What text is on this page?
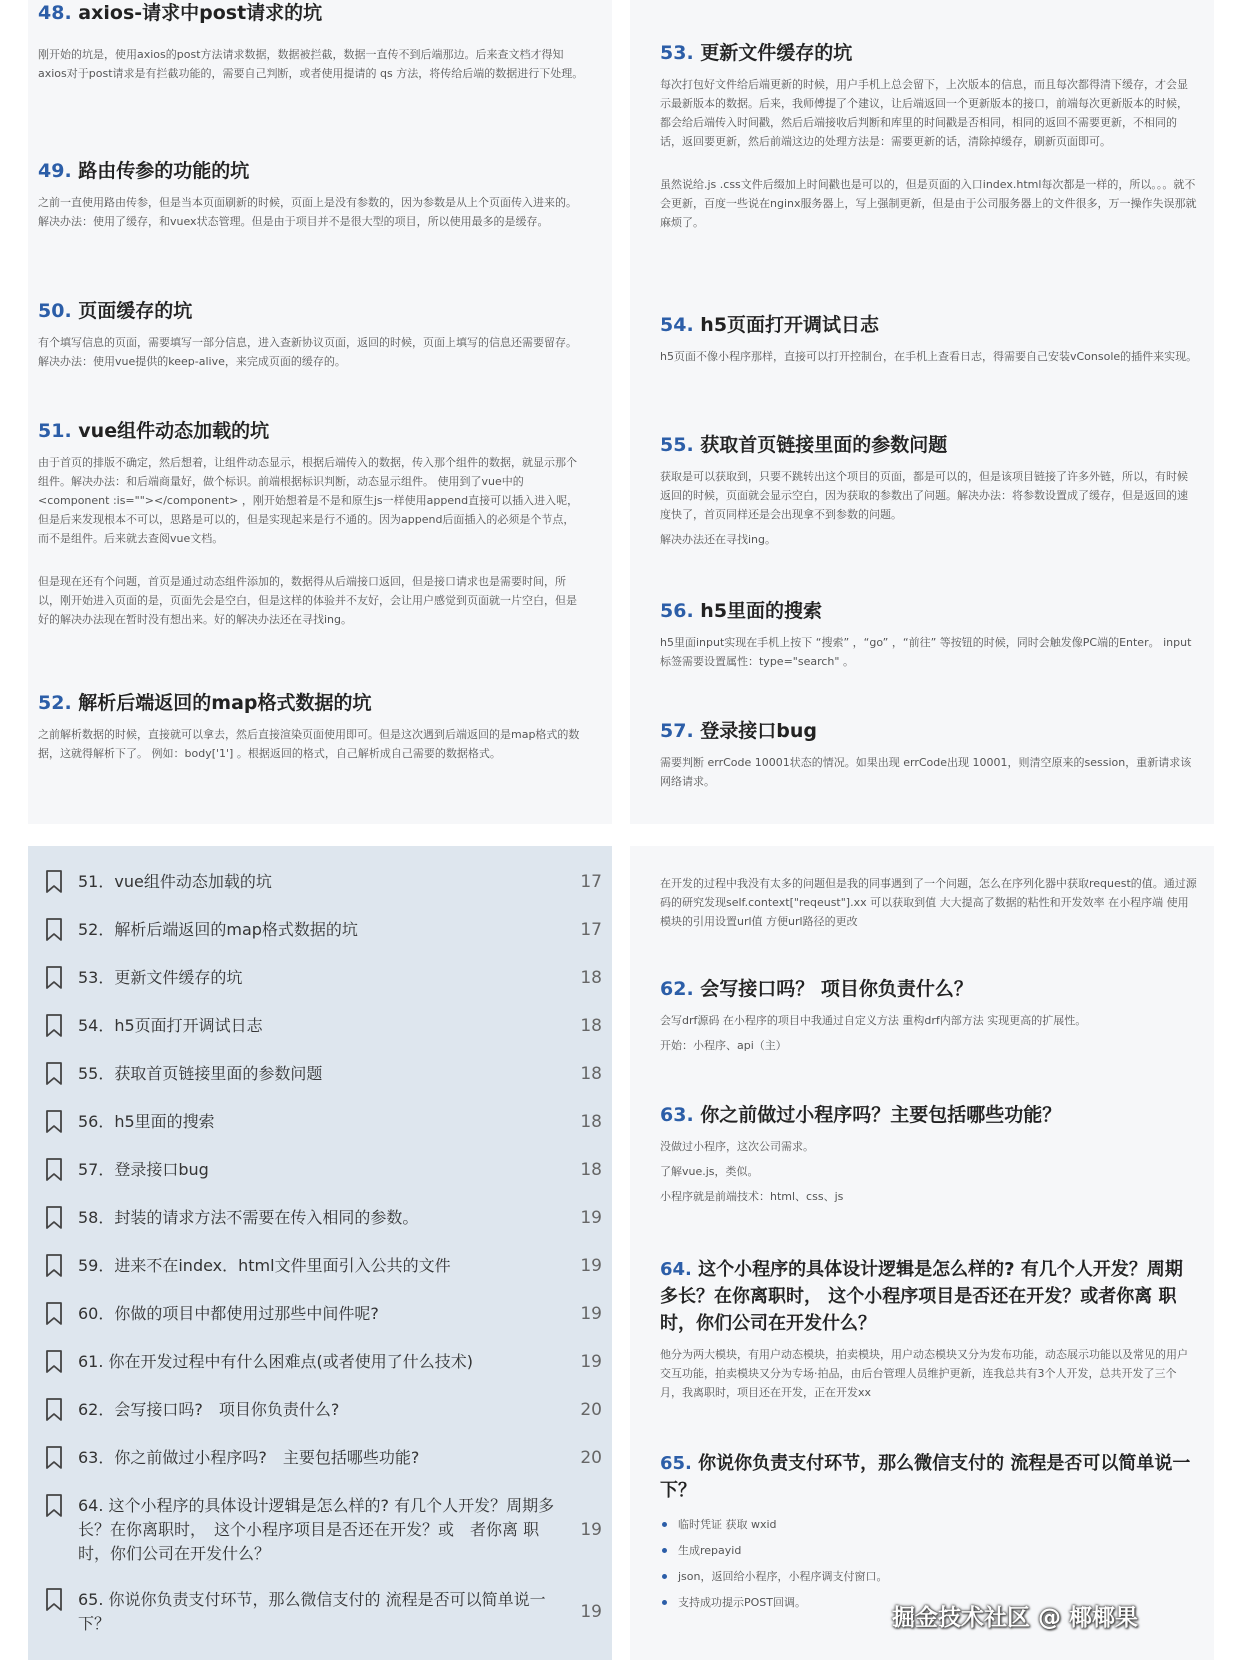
48. axios-请求中post请求的坑
刚开始的坑是，使用axios的post方法请求数据，数据被拦截，数据一直传不到后端那边。后来查文档才得知 axios对于post请求是有拦截功能的，需要自己判断，或者使用提请的 qs 方法，将传给后端的数据进行下处理。
49. 路由传参的功能的坑
之前一直使用路由传参，但是当本页面刷新的时候，页面上是没有参数的，因为参数是从上个页面传入进来的。 解决办法：使用了缓存，和vuex状态管理。但是由于项目并不是很大型的项目，所以使用最多的是缓存。
50. 页面缓存的坑
有个填写信息的页面，需要填写一部分信息，进入查新协议页面，返回的时候，页面上填写的信息还需要留存。 解决办法：使用vue提供的keep-alive，来完成页面的缓存的。
51. vue组件动态加载的坑
由于首页的排版不确定，然后想着，让组件动态显示，根据后端传入的数据，传入那个组件的数据，就显示那个组件。解决办法：和后端商量好，做个标识。前端根据标识判断，动态显示组件。 使用到了vue中的<component :is=""></component> ，刚开始想着是不是和原生js一样使用append直接可以插入进入呢，但是后来发现根本不可以，思路是可以的，但是实现起来是行不通的。因为append后面插入的必须是个节点，而不是组件。后来就去查阅vue文档。
但是现在还有个问题，首页是通过动态组件添加的，数据得从后端接口返回，但是接口请求也是需要时间，所以，刚开始进入页面的是，页面先会是空白，但是这样的体验并不友好，会让用户感觉到页面就一片空白，但是好的解决办法现在暂时没有想出来。好的解决办法还在寻找ing。
52. 解析后端返回的map格式数据的坑
之前解析数据的时候，直接就可以拿去，然后直接渲染页面使用即可。但是这次遇到后端返回的是map格式的数据，这就得解析下了。 例如：body['1'] 。根据返回的格式，自己解析成自己需要的数据格式。
53. 更新文件缓存的坑
每次打包好文件给后端更新的时候，用户手机上总会留下，上次版本的信息，而且每次都得清下缓存，才会显示最新版本的数据。后来，我师傅提了个建议，让后端返回一个更新版本的接口，前端每次更新版本的时候，都会给后端传入时间戳，然后后端接收后判断和库里的时间戳是否相同，相同的返回不需要更新，不相同的话，返回要更新，然后前端这边的处理方法是：需要更新的话，清除掉缓存，刷新页面即可。
虽然说给.js .css文件后缀加上时间戳也是可以的，但是页面的入口index.html每次都是一样的，所以。。。就不会更新，百度一些说在nginx服务器上，写上强制更新，但是由于公司服务器上的文件很多，万一操作失误那就麻烦了。
54. h5页面打开调试日志
h5页面不像小程序那样，直接可以打开控制台，在手机上查看日志，得需要自己安装vConsole的插件来实现。
55. 获取首页链接里面的参数问题
获取是可以获取到，只要不跳转出这个项目的页面，都是可以的，但是该项目链接了许多外链，所以，有时候返回的时候，页面就会显示空白，因为获取的参数出了问题。解决办法：将参数设置成了缓存，但是返回的速度快了，首页同样还是会出现拿不到参数的问题。
解决办法还在寻找ing。
56. h5里面的搜索
h5里面input实现在手机上按下 “搜索” ，“go” ，“前往” 等按钮的时候，同时会触发像PC端的Enter。 input标签需要设置属性：type="search" 。
57. 登录接口bug
需要判断 errCode 10001状态的情况。如果出现 errCode出现 10001，则清空原来的session，重新请求该网络请求。
51．vue组件动态加载的坑	17
52．解析后端返回的map格式数据的坑	17
53．更新文件缓存的坑	18
54．h5页面打开调试日志	18
55．获取首页链接里面的参数问题	18
56．h5里面的搜索	18
57．登录接口bug	18
58．封装的请求方法不需要在传入相同的参数。	19
59．进来不在index．html文件里面引入公共的文件	19
60．你做的项目中都使用过那些中间件呢?	19
61. 你在开发过程中有什么困难点(或者使用了什么技术)	19
62．会写接口吗?　项目你负责什么?	20
63．你之前做过小程序吗?　主要包括哪些功能?	20
64. 这个小程序的具体设计逻辑是怎么样的? 有几个人开发？周期多长？在你离职时，　这个小程序项目是否还在开发？或　者你离 职时，你们公司在开发什么？
19
65. 你说你负责支付环节，那么微信支付的 流程是否可以简单说一下？
19
在开发的过程中我没有太多的问题但是我的同事遇到了一个问题，怎么在序列化器中获取request的值。通过源码的研究发现self.context["reqeust"].xx 可以获取到值 大大提高了数据的粘性和开发效率 在小程序端 使用模块的引用设置url值 方便url路径的更改
62. 会写接口吗？ 项目你负责什么？
会写drf源码 在小程序的项目中我通过自定义方法 重构drf内部方法 实现更高的扩展性。
开始：小程序、api（主）
63. 你之前做过小程序吗？主要包括哪些功能？
没做过小程序，这次公司需求。
了解vue.js，类似。
小程序就是前端技术：html、css、js
64. 这个小程序的具体设计逻辑是怎么样的? 有几个人开发？周期多长？在你离职时， 这个小程序项目是否还在开发？或者你离 职时，你们公司在开发什么？
他分为两大模块，有用户动态模块，拍卖模块，用户动态模块又分为发布功能，动态展示功能以及常见的用户交互功能，拍卖模块又分为专场·拍品，由后台管理人员维护更新，连我总共有3个人开发，总共开发了三个月，我离职时，项目还在开发，正在开发xx
65. 你说你负责支付环节，那么微信支付的 流程是否可以简单说一下？
临时凭证 获取 wxid
生成repayid
json，返回给小程序，小程序调支付窗口。
支持成功提示POST回调。
掘金技术社区 @ 椰椰果
